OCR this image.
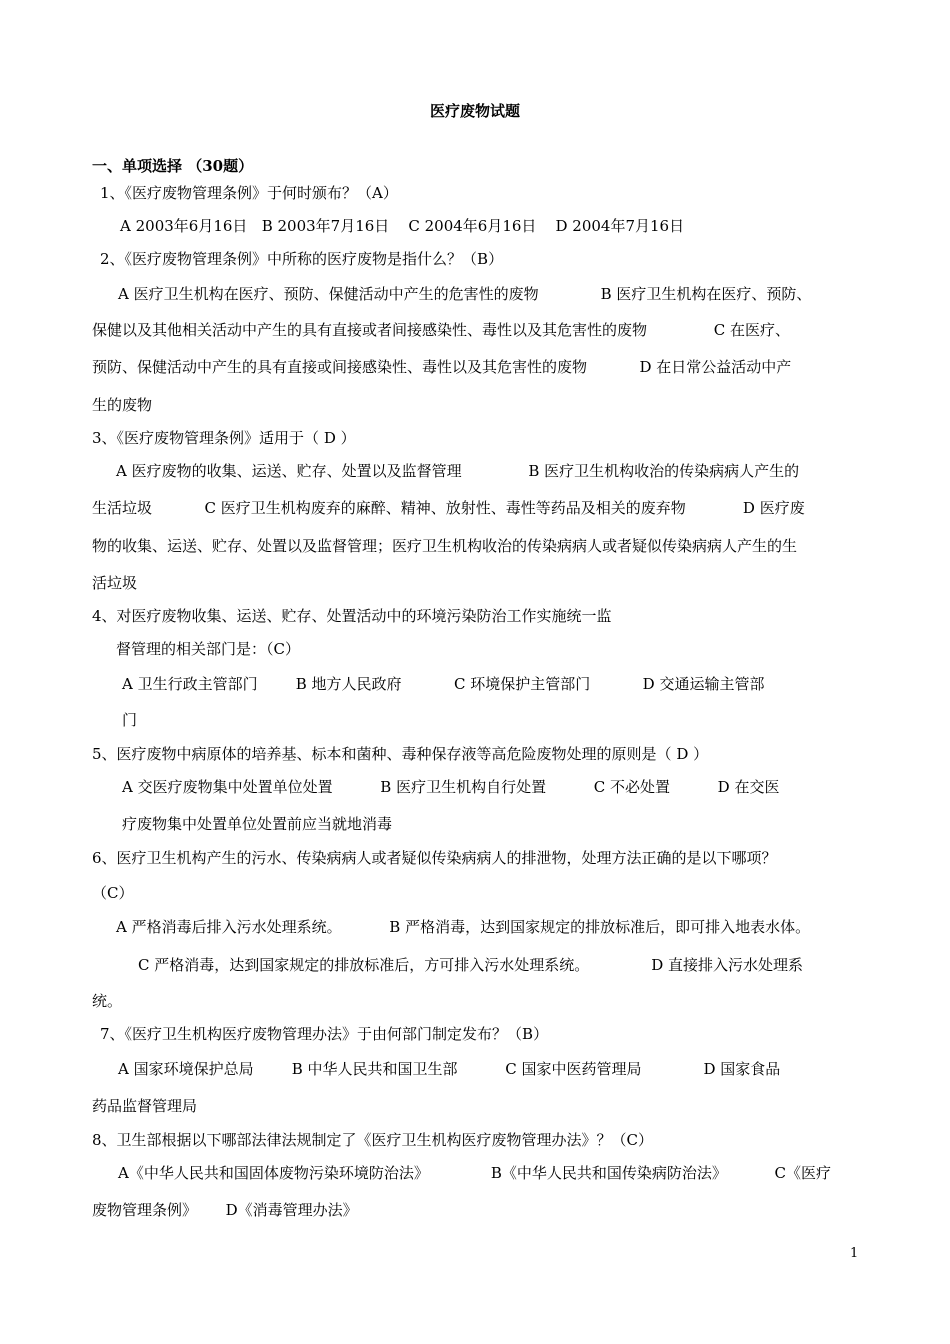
医疗废物试题
一、单项选择 （30题）
1、《医疗废物管理条例》于何时颁布？（A）
A 2003年6月16日   B 2003年7月16日    C 2004年6月16日    D 2004年7月16日
2、《医疗废物管理条例》中所称的医疗废物是指什么？（B）
A 医疗卫生机构在医疗、预防、保健活动中产生的危害性的废物             B 医疗卫生机构在医疗、预防、
保健以及其他相关活动中产生的具有直接或者间接感染性、毒性以及其危害性的废物              C 在医疗、
预防、保健活动中产生的具有直接或间接感染性、毒性以及其危害性的废物           D 在日常公益活动中产
生的废物
3、《医疗废物管理条例》适用于（ D ）
A 医疗废物的收集、运送、贮存、处置以及监督管理              B 医疗卫生机构收治的传染病病人产生的
生活垃圾           C 医疗卫生机构废弃的麻醉、精神、放射性、毒性等药品及相关的废弃物            D 医疗废
物的收集、运送、贮存、处置以及监督管理；医疗卫生机构收治的传染病病人或者疑似传染病病人产生的生
活垃圾
4、对医疗废物收集、运送、贮存、处置活动中的环境污染防治工作实施统一监
督管理的相关部门是：（C）
A 卫生行政主管部门        B 地方人民政府           C 环境保护主管部门           D 交通运输主管部
门
5、医疗废物中病原体的培养基、标本和菌种、毒种保存液等高危险废物处理的原则是（ D ）
A 交医疗废物集中处置单位处置          B 医疗卫生机构自行处置          C 不必处置          D 在交医
疗废物集中处置单位处置前应当就地消毒
6、医疗卫生机构产生的污水、传染病病人或者疑似传染病病人的排泄物，处理方法正确的是以下哪项？
（C）
A 严格消毒后排入污水处理系统。          B 严格消毒，达到国家规定的排放标准后，即可排入地表水体。
C 严格消毒，达到国家规定的排放标准后，方可排入污水处理系统。             D 直接排入污水处理系
统。
7、《医疗卫生机构医疗废物管理办法》于由何部门制定发布？（B）
A 国家环境保护总局        B 中华人民共和国卫生部          C 国家中医药管理局             D 国家食品
药品监督管理局
8、卫生部根据以下哪部法律法规制定了《医疗卫生机构医疗废物管理办法》？（C）
A《中华人民共和国固体废物污染环境防治法》             B《中华人民共和国传染病防治法》          C《医疗
废物管理条例》      D《消毒管理办法》
1
